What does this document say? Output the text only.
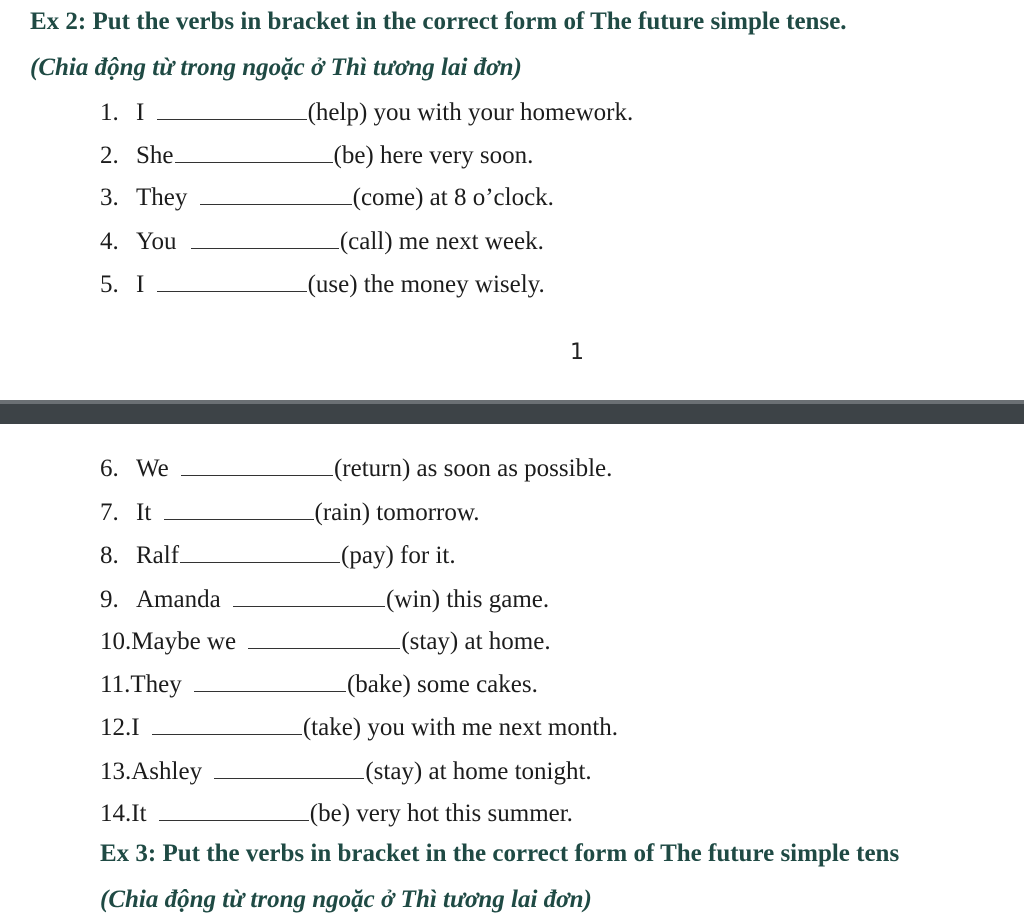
Ex 2: Put the verbs in bracket in the correct form of The future simple tense.
(Chia động từ trong ngoặc ở Thì tương lai đơn)
1. I	(help) you with your homework.
2. She	(be) here very soon.
3. They	(come) at 8 o’clock.
4. You	(call) me next week.
5. I	(use) the money wisely.
1
6. We	(return) as soon as possible.
7. It	(rain) tomorrow.
8. Ralf	(pay) for it.
9. Amanda	(win) this game.
10.Maybe we	(stay) at home.
11.They	(bake) some cakes.
12.I	(take) you with me next month.
13.Ashley	(stay) at home tonight.
14.It	(be) very hot this summer.
Ex 3: Put the verbs in bracket in the correct form of The future simple tens
(Chia động từ trong ngoặc ở Thì tương lai đơn)
